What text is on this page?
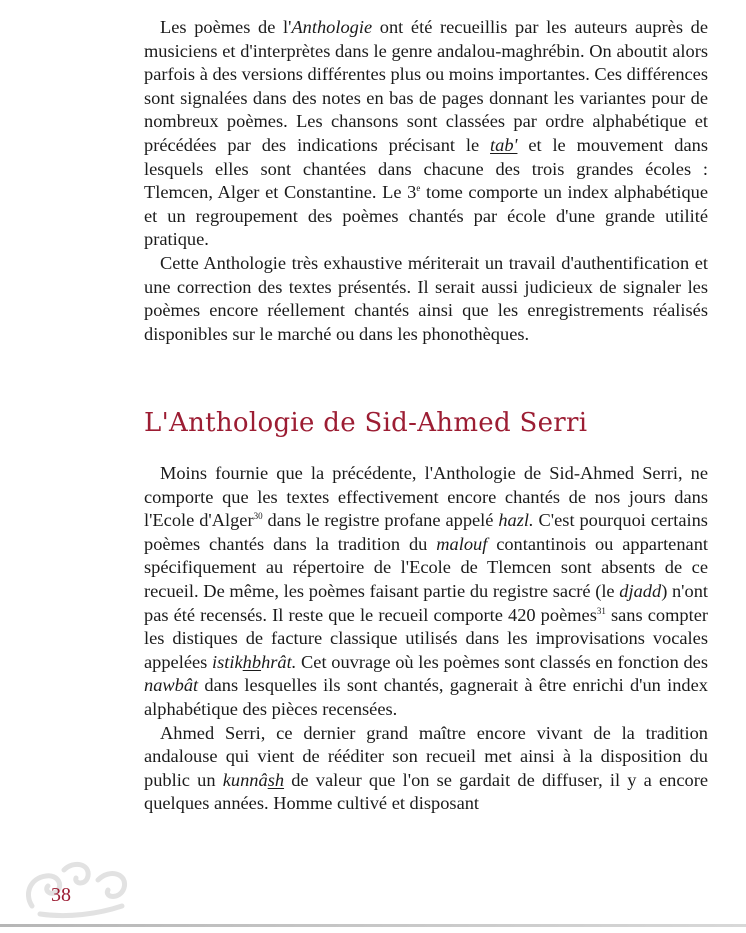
Les poèmes de l'Anthologie ont été recueillis par les auteurs auprès de musiciens et d'interprètes dans le genre andalou-maghrébin. On aboutit alors parfois à des versions différentes plus ou moins importantes. Ces différences sont signalées dans des notes en bas de pages donnant les variantes pour de nombreux poèmes. Les chansons sont classées par ordre alphabétique et précédées par des indications précisant le tab' et le mouvement dans lesquels elles sont chantées dans chacune des trois grandes écoles : Tlemcen, Alger et Constantine. Le 3e tome comporte un index alphabétique et un regroupement des poèmes chantés par école d'une grande utilité pratique.

Cette Anthologie très exhaustive mériterait un travail d'authentification et une correction des textes présentés. Il serait aussi judicieux de signaler les poèmes encore réellement chantés ainsi que les enregistrements réalisés disponibles sur le marché ou dans les phonothèques.

L'Anthologie de Sid-Ahmed Serri

Moins fournie que la précédente, l'Anthologie de Sid-Ahmed Serri, ne comporte que les textes effectivement encore chantés de nos jours dans l'Ecole d'Alger$^{30}$ dans le registre profane appelé hazl. C'est pourquoi certains poèmes chantés dans la tradition du malouf contantinois ou appartenant spécifiquement au répertoire de l'Ecole de Tlemcen sont absents de ce recueil. De même, les poèmes faisant partie du registre sacré (le djadd) n'ont pas été recensés. Il reste que le recueil comporte 420 poèmes$^{31}$ sans compter les distiques de facture classique utilisés dans les improvisations vocales appelées istikhbhrât. Cet ouvrage où les poèmes sont classés en fonction des nawbât dans lesquelles ils sont chantés, gagnerait à être enrichi d'un index alphabétique des pièces recensées.

Ahmed Serri, ce dernier grand maître encore vivant de la tradition andalouse qui vient de rééditer son recueil met ainsi à la disposition du public un kunnâsh de valeur que l'on se gardait de diffuser, il y a encore quelques années. Homme cultivé et disposant

38
